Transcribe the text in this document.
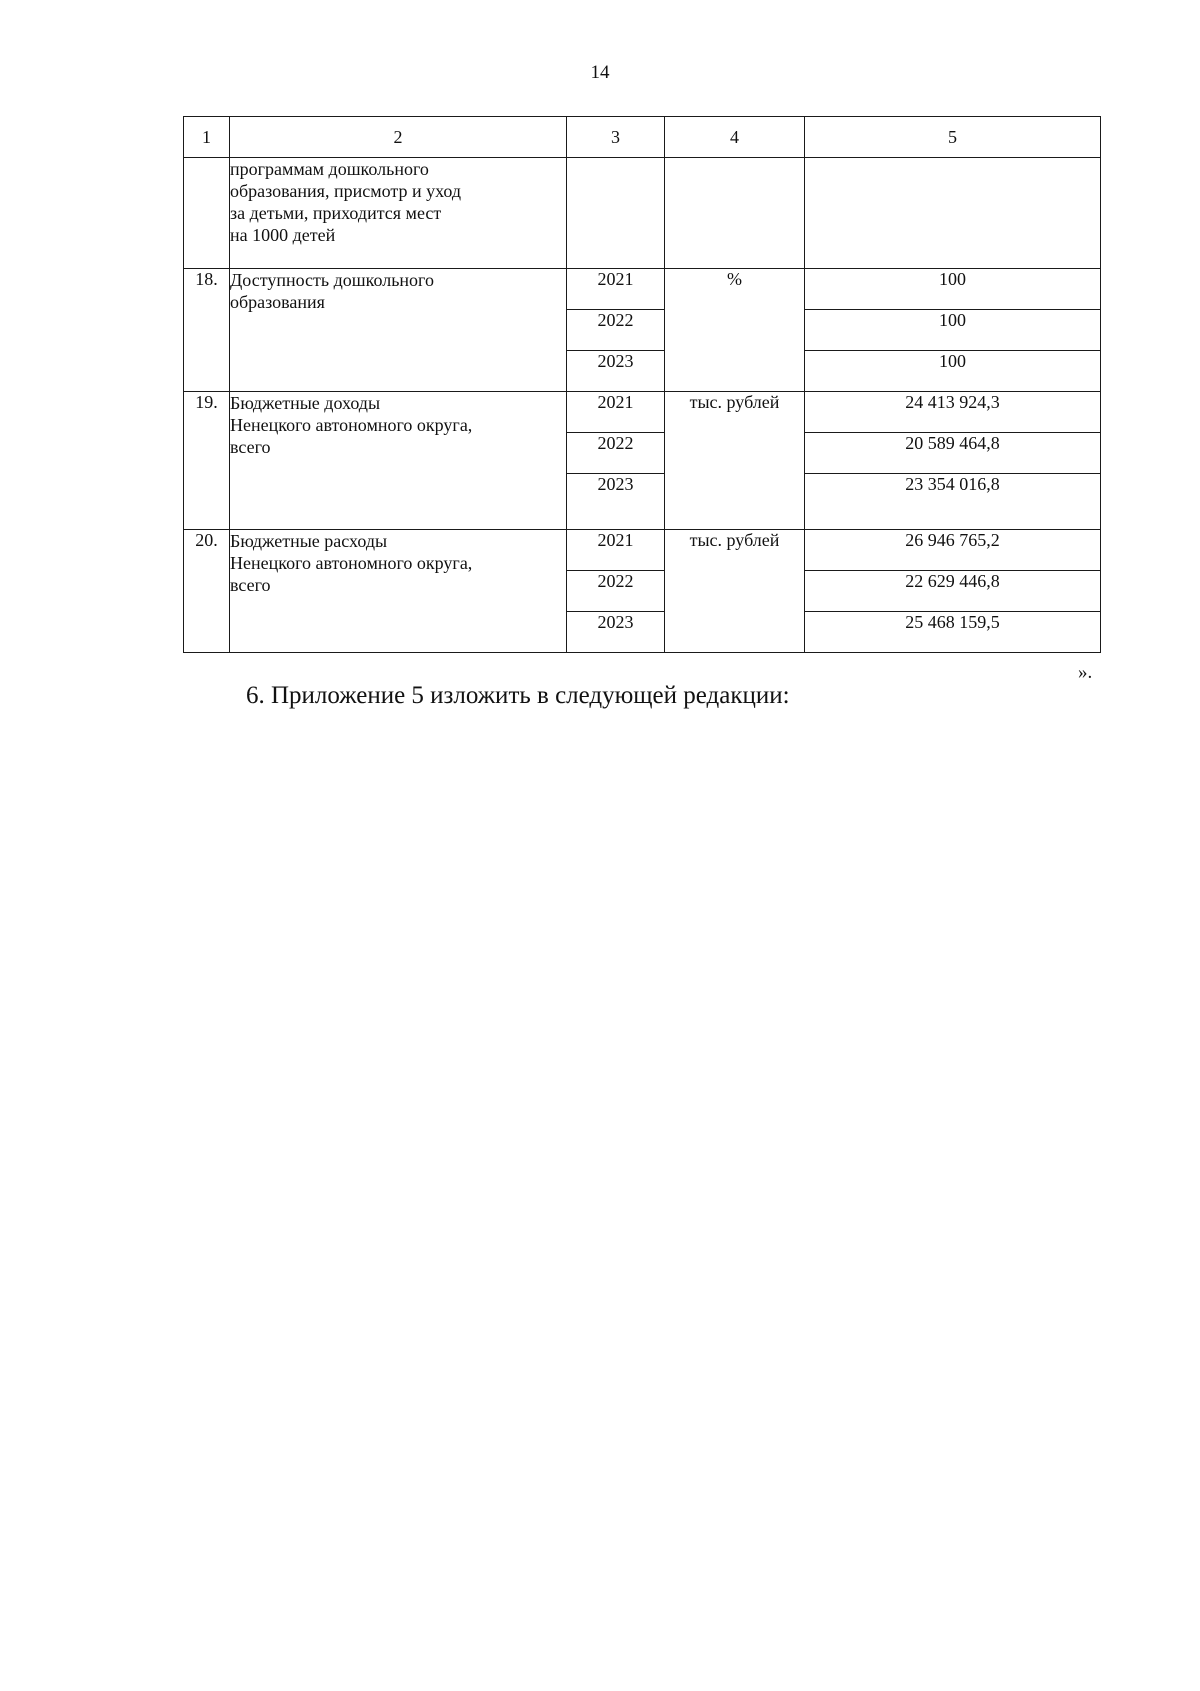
14
1	2	3	4	5

	программам дошкольного
образования, присмотр и уход
за детьми, приходится мест
на 1000 детей			

18.	Доступность дошкольного
образования	2021	%	100
		2022		100
		2023		100
19.	Бюджетные доходы
Ненецкого автономного округа,
всего	2021	тыс. рублей	24 413 924,3
		2022		20 589 464,8
		2023		23 354 016,8
20.	Бюджетные расходы
Ненецкого автономного округа,
всего	2021	тыс. рублей	26 946 765,2
		2022		22 629 446,8
		2023		25 468 159,5
».
6. Приложение 5 изложить в следующей редакции:
